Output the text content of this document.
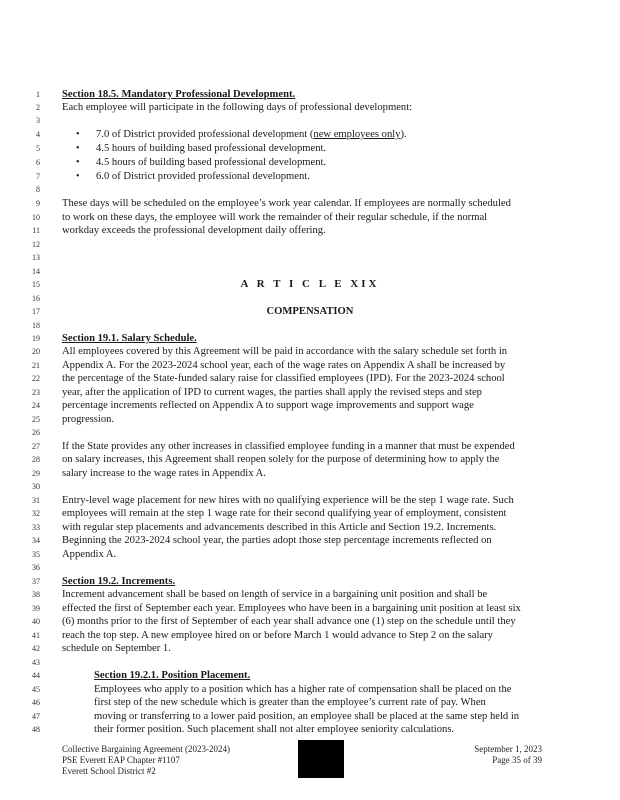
1
2
3
4
5
6
7
8
9
10
11
12
13
14
15
16
17
18
19
20
21
22
23
24
25
26
27
28
29
30
31
32
33
34
35
36
37
38
39
40
41
42
43
44
45
46
47
48
Section 18.5. Mandatory Professional Development.
Each employee will participate in the following days of professional development:
• 7.0 of District provided professional development (new employees only).
• 4.5 hours of building based professional development.
• 4.5 hours of building based professional development.
• 6.0 of District provided professional development.
These days will be scheduled on the employee’s work year calendar. If employees are normally scheduled
to work on these days, the employee will work the remainder of their regular schedule, if the normal
workday exceeds the professional development daily offering.
A R T I C L E XIX
COMPENSATION
Section 19.1. Salary Schedule.
All employees covered by this Agreement will be paid in accordance with the salary schedule set forth in
Appendix A. For the 2023-2024 school year, each of the wage rates on Appendix A shall be increased by
the percentage of the State-funded salary raise for classified employees (IPD). For the 2023-2024 school
year, after the application of IPD to current wages, the parties shall apply the revised steps and step
percentage increments reflected on Appendix A to support wage improvements and support wage
progression.
If the State provides any other increases in classified employee funding in a manner that must be expended
on salary increases, this Agreement shall reopen solely for the purpose of determining how to apply the
salary increase to the wage rates in Appendix A.
Entry-level wage placement for new hires with no qualifying experience will be the step 1 wage rate. Such
employees will remain at the step 1 wage rate for their second qualifying year of employment, consistent
with regular step placements and advancements described in this Article and Section 19.2. Increments.
Beginning the 2023-2024 school year, the parties adopt those step percentage increments reflected on
Appendix A.
Section 19.2. Increments.
Increment advancement shall be based on length of service in a bargaining unit position and shall be
effected the first of September each year. Employees who have been in a bargaining unit position at least six
(6) months prior to the first of September of each year shall advance one (1) step on the schedule until they
reach the top step. A new employee hired on or before March 1 would advance to Step 2 on the salary
schedule on September 1.
Section 19.2.1. Position Placement.
Employees who apply to a position which has a higher rate of compensation shall be placed on the
first step of the new schedule which is greater than the employee’s current rate of pay. When
moving or transferring to a lower paid position, an employee shall be placed at the same step held in
their former position. Such placement shall not alter employee seniority calculations.
Collective Bargaining Agreement (2023-2024)
PSE Everett EAP Chapter #1107
Everett School District #2
September 1, 2023
Page 35 of 39
